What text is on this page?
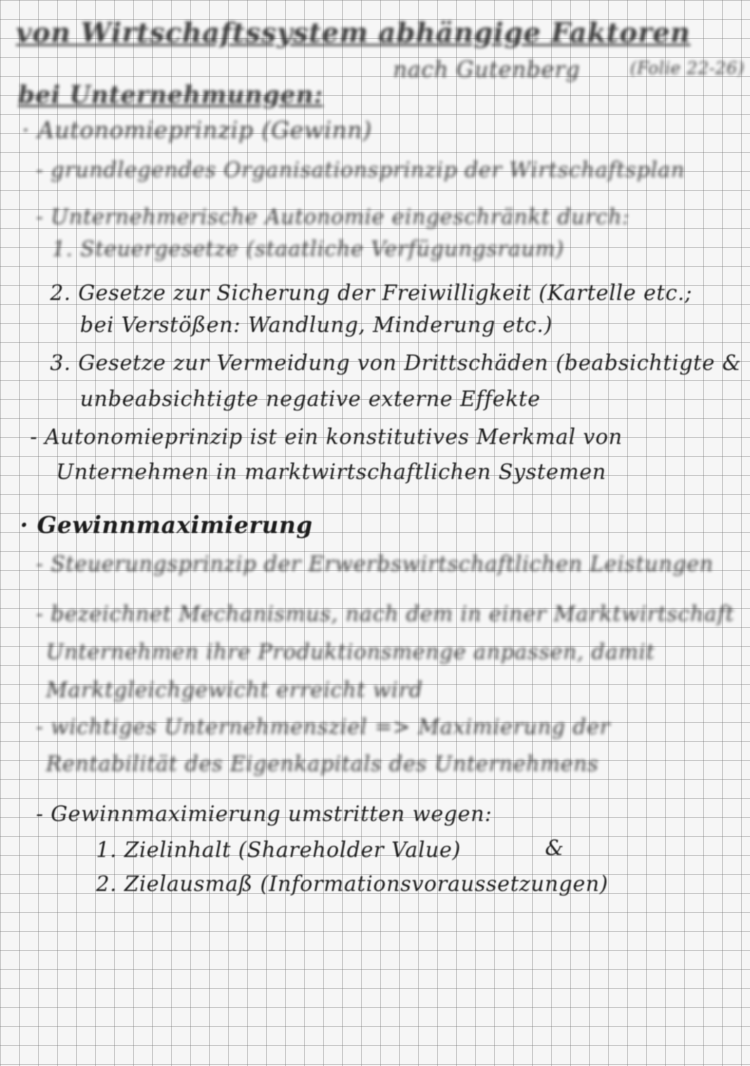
von Wirtschaftssystem abhängige Faktoren
nach Gutenberg	(Folie 22-26)
bei Unternehmungen:
· Autonomieprinzip (Gewinn)
- grundlegendes Organisationsprinzip der Wirtschaftsplan
- Unternehmerische Autonomie eingeschränkt durch:
1. Steuergesetze (staatliche Verfügungsraum)
2. Gesetze zur Sicherung der Freiwilligkeit (Kartelle etc.;
bei Verstößen: Wandlung, Minderung etc.)
3. Gesetze zur Vermeidung von Drittschäden (beabsichtigte &
unbeabsichtigte negative externe Effekte
- Autonomieprinzip ist ein konstitutives Merkmal von
Unternehmen in marktwirtschaftlichen Systemen
· Gewinnmaximierung
- Steuerungsprinzip der Erwerbswirtschaftlichen Leistungen
- bezeichnet Mechanismus, nach dem in einer Marktwirtschaft
Unternehmen ihre Produktionsmenge anpassen, damit
Marktgleichgewicht erreicht wird
- wichtiges Unternehmensziel => Maximierung der
Rentabilität des Eigenkapitals des Unternehmens
- Gewinnmaximierung umstritten wegen:
1. Zielinhalt (Shareholder Value)	&
2. Zielausmaß (Informationsvoraussetzungen)
